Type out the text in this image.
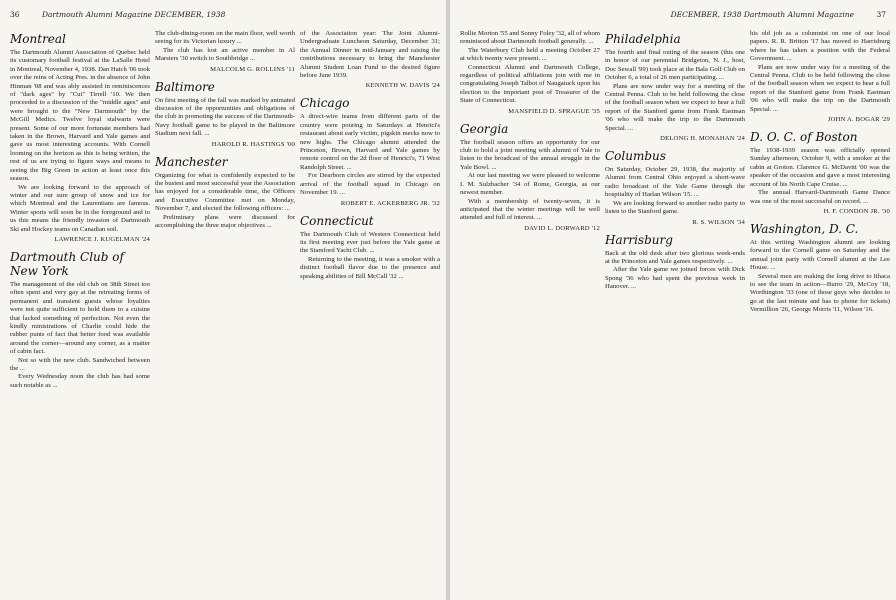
36	Dartmouth Alumni Magazine DECEMBER, 1938
Montreal

The Dartmouth Alumni Association of Quebec held its customary football festival at the LaSalle Hotel in Montreal, November 4, 1938. Dan Hatch '06 took over the reins of Acting Pres. in the absence of John Hinman '08 and was ably assisted in reminiscences of "dark ages" by "Cut" Tirrell '10. We then proceeded to a discussion of the "middle ages" and were brought to the "New Dartmouth" by the McGill Medics. Twelve loyal stalwarts were present. Some of our more fortunate members had taken in the Brown, Harvard and Yale games and gave us most interesting accounts. With Cornell looming on the horizon as this is being written, the rest of us are trying to figure ways and means to seeing the Big Green in action at least once this season.

We are looking forward to the approach of winter and our sure group of snow and ice for which Montreal and the Laurentians are famous. Winter sports will soon be in the foreground and to us this means the friendly invasion of Dartmouth Ski and Hockey teams on Canadian soil.

LAWRENCE J. KUGELMAN '24
Dartmouth Club of New York

The management of the old club on 38th Street too often spent and very gay at the retreating forms of permanent and transient guests whose loyalties were not quite sufficient to hold them to a cuisine that lacked something of perfection. Not even the kindly ministrations of Charlie could hide the rubber punts of fact that better food was available around the corner—around any corner, as a matter of cabin fact.

Not so with the new club. Sandwiched between the ...

Every Wednesday noon the club has had some such notable as ...

The club-dining-room on the main floor, well worth seeing for its Victorian luxury ...

The club has lost an active member in Al Marsters '30 switch to Southbridge ...

MALCOLM G. ROLLINS '11
Baltimore

On first meeting of the fall was marked by animated discussion of the opportunities and obligations of the club in promoting the success of the Dartmouth-Navy football game to be played in the Baltimore Stadium next fall. ...

HAROLD R. HASTINGS '00
Manchester

Organizing for what is confidently expected to be the busiest and most successful year the Association has enjoyed for a considerable time, the Officers and Executive Committee met on Monday, November 7, and elected the following officers: ...

Preliminary plans were discussed for accomplishing the three major objectives ...

of the Association year: The Joint Alumni-Undergraduate Luncheon Saturday, December 31; the Annual Dinner in mid-January and raising the contributions necessary to bring the Manchester Alumni Student Loan Fund to the desired figure before June 1939.

KENNETH W. DAVIS '24
Chicago

A direct-wire teams from different parts of the country were pouring in Saturdays at Henrici's restaurant about early victim, pigskin mecks now to new highs. The Chicago alumni attended the Princeton, Brown, Harvard and Yale games by remote control on the 2d floor of Henrici's, 71 West Randolph Street. ...

For Dearborn circles are stirred by the expected arrival of the football squad in Chicago on November 19. ...

ROBERT E. ACKERBERG JR. '32
Connecticut

The Dartmouth Club of Western Connecticut held its first meeting ever just before the Yale game at the Stamford Yacht Club. ...

Returning to the meeting, it was a smoker with a distinct football flavor due to the presence and speaking abilities of Bill McCall '32 ...

DECEMBER, 1938 Dartmouth Alumni Magazine	37

Rollie Morton '55 and Sonny Foley '32, all of whom reminisced about Dartmouth football generally. ...

The Waterbury Club held a meeting October 27 at which twenty were present. ...

Connecticut Alumni and Dartmouth College, regardless of political affiliations join with me in congratulating Joseph Talbot of Naugatuck upon his election to the important post of Treasurer of the State of Connecticut.

MANSFIELD D. SPRAGUE '35
Georgia

The football season offers an opportunity for our club to hold a joint meeting with alumni of Yale to listen to the broadcast of the annual struggle in the Yale Bowl. ...

At our last meeting we were pleased to welcome I. M. Sulzbacher '34 of Rome, Georgia, as our newest member.

With a membership of twenty-seven, it is anticipated that the winter meetings will be well attended and full of interest. ...

DAVID L. DORWARD '12
Philadelphia

The fourth and final outing of the season (this one in honor of our perennial Bridgeton, N. J., host, Doc Sewall '99) took place at the Bala Golf Club on October 6, a total of 26 men participating. ...

Plans are now under way for a meeting of the Central Penna. Club to be held following the close of the football season when we expect to hear a full report of the Stanford game from Frank Eastman '06 who will make the trip to the Dartmouth Special. ...

DELONG H. MONAHAN '24
Columbus

On Saturday, October 29, 1938, the majority of Alumni from Central Ohio enjoyed a short-wave radio broadcast of the Yale Game through the hospitality of Harlan Wilson '15. ...

We are looking forward to another radio party to listen to the Stanford game.

R. S. WILSON '34
Harrisburg

Back at the old desk after two glorious week-ends at the Princeton and Yale games respectively. ...

After the Yale game we joined forces with Dick Spong '36 who had spent the previous week in Hanover. ...

his old job as a columnist on one of our local papers. R. R. Britton '17 has moved to Harrisburg where he has taken a position with the Federal Government. ...

Plans are now under way for a meeting of the Central Penna. Club to be held following the close of the football season when we expect to hear a full report of the Stanford game from Frank Eastman '06 who will make the trip on the Dartmouth Special. ...

JOHN A. BOGAR '29
D. O. C. of Boston

The 1938-1939 season was officially opened Sunday afternoon, October 9, with a smoker at the cabin at Groton. Clarence G. McDavitt '00 was the speaker of the occasion and gave a most interesting account of his North Cape Cruise. ...

The annual Harvard-Dartmouth Game Dance was one of the most successful on record. ...

H. F. CONDON JR. '30
Washington, D. C.

At this writing Washington alumni are looking forward to the Cornell game on Saturday and the annual joint party with Cornell alumni at the Lee House. ...

Several men are making the long drive to Ithaca to see the team in action—Burro '29, McCoy '18, Worthington '33 (one of those guys who decides to go at the last minute and has to phone for tickets) Vermillion '26, George Morris '11, Wilson '16.
